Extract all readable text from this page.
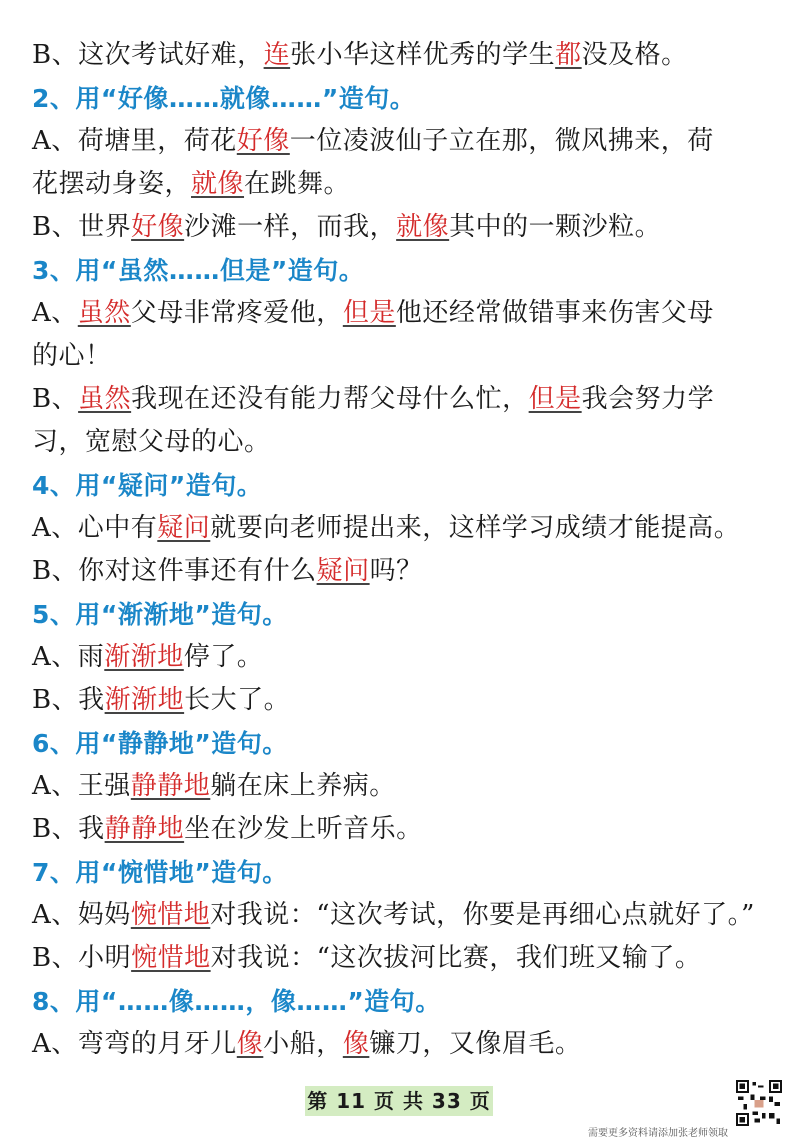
B、这次考试好难，连张小华这样优秀的学生都没及格。
2、用“好像……就像……”造句。
A、荷塘里，荷花好像一位凌波仙子立在那，微风拂来，荷
花摆动身姿，就像在跳舞。
B、世界好像沙滩一样，而我，就像其中的一颗沙粒。
3、用“虽然……但是”造句。
A、虽然父母非常疼爱他，但是他还经常做错事来伤害父母
的心！
B、虽然我现在还没有能力帮父母什么忙，但是我会努力学
习，宽慰父母的心。
4、用“疑问”造句。
A、心中有疑问就要向老师提出来，这样学习成绩才能提高。
B、你对这件事还有什么疑问吗？
5、用“渐渐地”造句。
A、雨渐渐地停了。
B、我渐渐地长大了。
6、用“静静地”造句。
A、王强静静地躺在床上养病。
B、我静静地坐在沙发上听音乐。
7、用“惋惜地”造句。
A、妈妈惋惜地对我说：“这次考试，你要是再细心点就好了。”
B、小明惋惜地对我说：“这次拔河比赛，我们班又输了。
8、用“……像……，像……”造句。
A、弯弯的月牙儿像小船，像镰刀，又像眉毛。
第 11 页 共 33 页
需要更多资料请添加张老师领取
